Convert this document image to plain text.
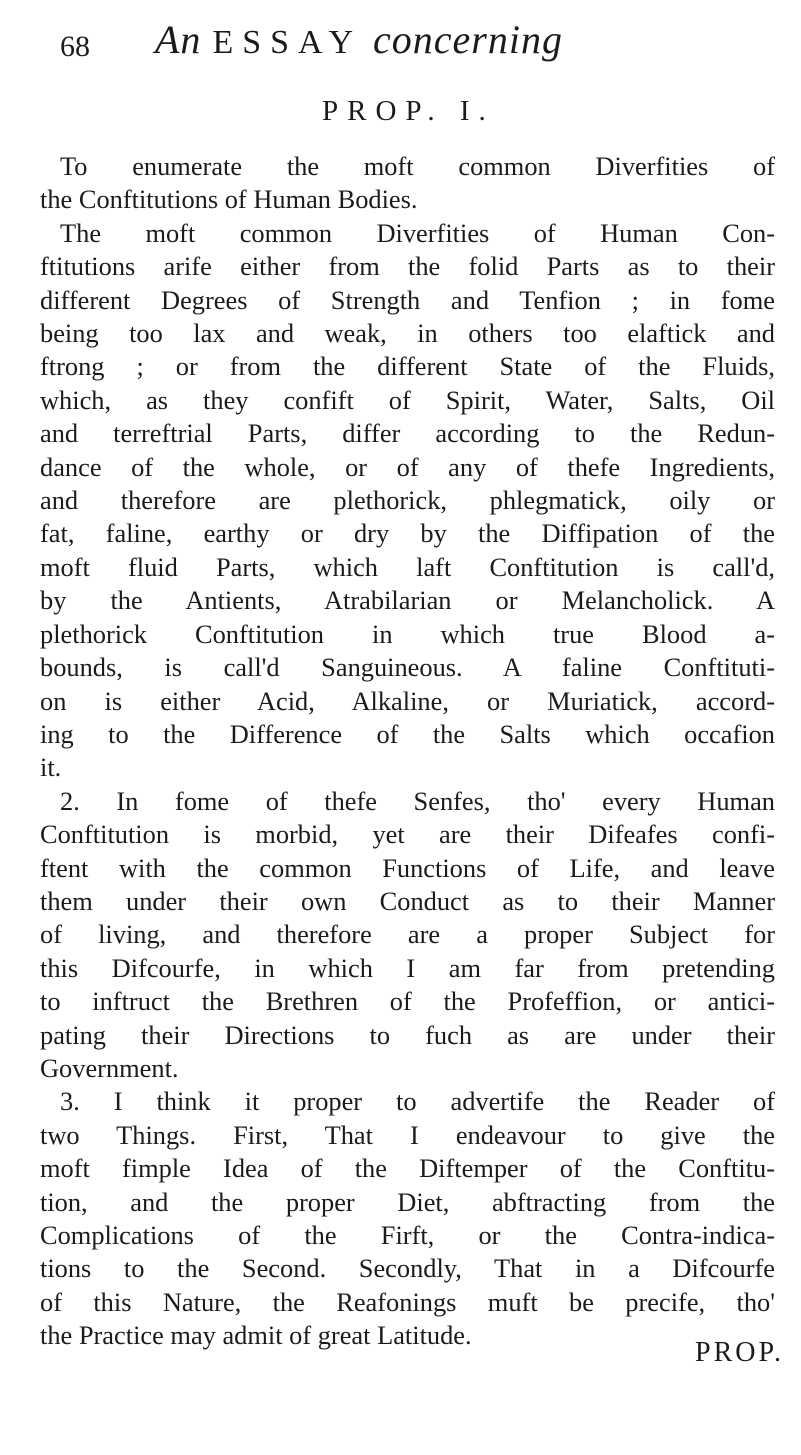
68 An ESSAY concerning
PROP. I.
To enumerate the moft common Diverfities of
the Conftitutions of Human Bodies.
The moft common Diverfities of Human Con-
ftitutions arife either from the folid Parts as to their
different Degrees of Strength and Tenfion ; in fome
being too lax and weak, in others too elaftick and
ftrong ; or from the different State of the Fluids,
which, as they confift of Spirit, Water, Salts, Oil
and terreftrial Parts, differ according to the Redun-
dance of the whole, or of any of thefe Ingredients,
and therefore are plethorick, phlegmatick, oily or
fat, faline, earthy or dry by the Diffipation of the
moft fluid Parts, which laft Conftitution is call'd,
by the Antients, Atrabilarian or Melancholick. A
plethorick Conftitution in which true Blood a-
bounds, is call'd Sanguineous. A faline Conftituti-
on is either Acid, Alkaline, or Muriatick, accord-
ing to the Difference of the Salts which occafion
it.
2. In fome of thefe Senfes, tho' every Human
Conftitution is morbid, yet are their Difeafes confi-
ftent with the common Functions of Life, and leave
them under their own Conduct as to their Manner
of living, and therefore are a proper Subject for
this Difcourfe, in which I am far from pretending
to inftruct the Brethren of the Profeffion, or antici-
pating their Directions to fuch as are under their
Government.
3. I think it proper to advertife the Reader of
two Things. First, That I endeavour to give the
moft fimple Idea of the Diftemper of the Conftitu-
tion, and the proper Diet, abftracting from the
Complications of the Firft, or the Contra-indica-
tions to the Second. Secondly, That in a Difcourfe
of this Nature, the Reafonings muft be precife, tho'
the Practice may admit of great Latitude.
PROP.
